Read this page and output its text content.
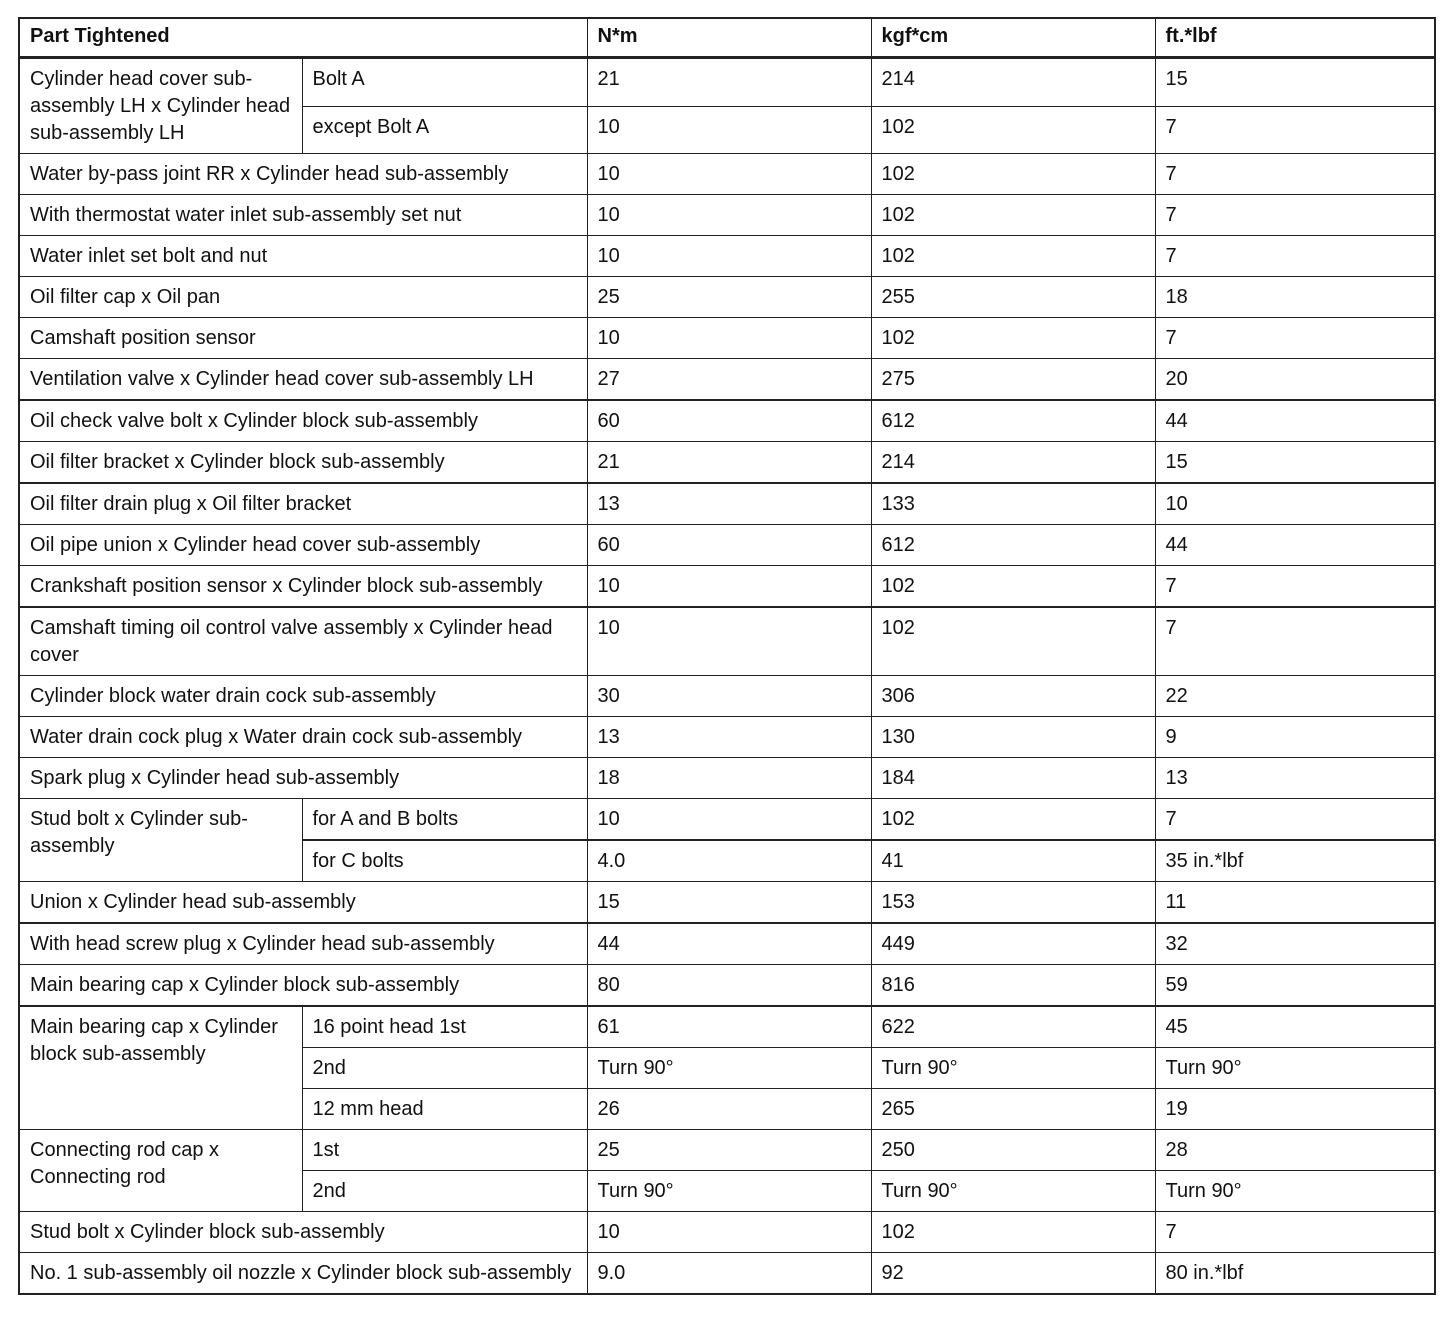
Part Tightened		N*m	kgf*cm	ft.*lbf
Cylinder head cover sub-assembly LH x Cylinder head sub-assembly LH	Bolt A	21	214	15
	except Bolt A	10	102	7
Water by-pass joint RR x Cylinder head sub-assembly		10	102	7
With thermostat water inlet sub-assembly set nut		10	102	7
Water inlet set bolt and nut		10	102	7
Oil filter cap x Oil pan		25	255	18
Camshaft position sensor		10	102	7
Ventilation valve x Cylinder head cover sub-assembly LH		27	275	20
Oil check valve bolt x Cylinder block sub-assembly		60	612	44
Oil filter bracket x Cylinder block sub-assembly		21	214	15
Oil filter drain plug x Oil filter bracket		13	133	10
Oil pipe union x Cylinder head cover sub-assembly		60	612	44
Crankshaft position sensor x Cylinder block sub-assembly		10	102	7
Camshaft timing oil control valve assembly x Cylinder head cover		10	102	7
Cylinder block water drain cock sub-assembly		30	306	22
Water drain cock plug x Water drain cock sub-assembly		13	130	9
Spark plug x Cylinder head sub-assembly		18	184	13
Stud bolt x Cylinder sub-assembly	for A and B bolts	10	102	7
	for C bolts	4.0	41	35 in.*lbf
Union x Cylinder head sub-assembly		15	153	11
With head screw plug x Cylinder head sub-assembly		44	449	32
Main bearing cap x Cylinder block sub-assembly		80	816	59
Main bearing cap x Cylinder block sub-assembly	16 point head 1st	61	622	45
	2nd	Turn 90°	Turn 90°	Turn 90°
	12 mm head	26	265	19
Connecting rod cap x Connecting rod	1st	25	250	28
	2nd	Turn 90°	Turn 90°	Turn 90°
Stud bolt x Cylinder block sub-assembly		10	102	7
No. 1 sub-assembly oil nozzle x Cylinder block sub-assembly		9.0	92	80 in.*lbf
